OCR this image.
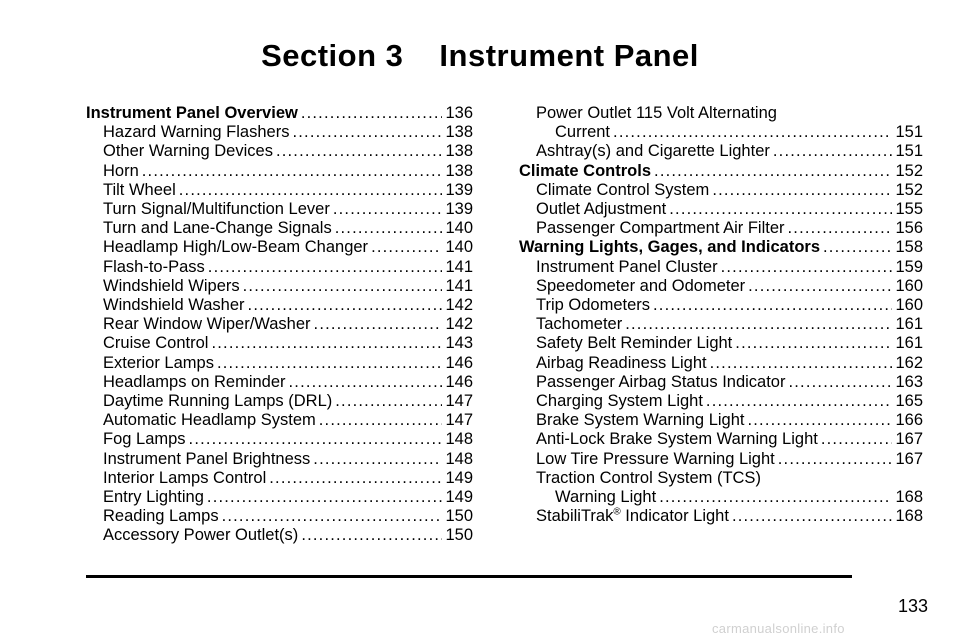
Section 3 Instrument Panel
Instrument Panel Overview .....	136
Hazard Warning Flashers .....	138
Other Warning Devices .....	138
Horn .....	138
Tilt Wheel .....	139
Turn Signal/Multifunction Lever .....	139
Turn and Lane-Change Signals .....	140
Headlamp High/Low-Beam Changer .....	140
Flash-to-Pass .....	141
Windshield Wipers .....	141
Windshield Washer .....	142
Rear Window Wiper/Washer .....	142
Cruise Control .....	143
Exterior Lamps .....	146
Headlamps on Reminder .....	146
Daytime Running Lamps (DRL) .....	147
Automatic Headlamp System .....	147
Fog Lamps .....	148
Instrument Panel Brightness .....	148
Interior Lamps Control .....	149
Entry Lighting .....	149
Reading Lamps .....	150
Accessory Power Outlet(s) .....	150
Power Outlet 115 Volt Alternating
Current .....	151
Ashtray(s) and Cigarette Lighter .....	151
Climate Controls .....	152
Climate Control System .....	152
Outlet Adjustment .....	155
Passenger Compartment Air Filter .....	156
Warning Lights, Gages, and Indicators .....	158
Instrument Panel Cluster .....	159
Speedometer and Odometer .....	160
Trip Odometers .....	160
Tachometer .....	161
Safety Belt Reminder Light .....	161
Airbag Readiness Light .....	162
Passenger Airbag Status Indicator .....	163
Charging System Light .....	165
Brake System Warning Light .....	166
Anti-Lock Brake System Warning Light .....	167
Low Tire Pressure Warning Light .....	167
Traction Control System (TCS)
Warning Light .....	168
StabiliTrak® Indicator Light .....	168
133
carmanualsonline.info
